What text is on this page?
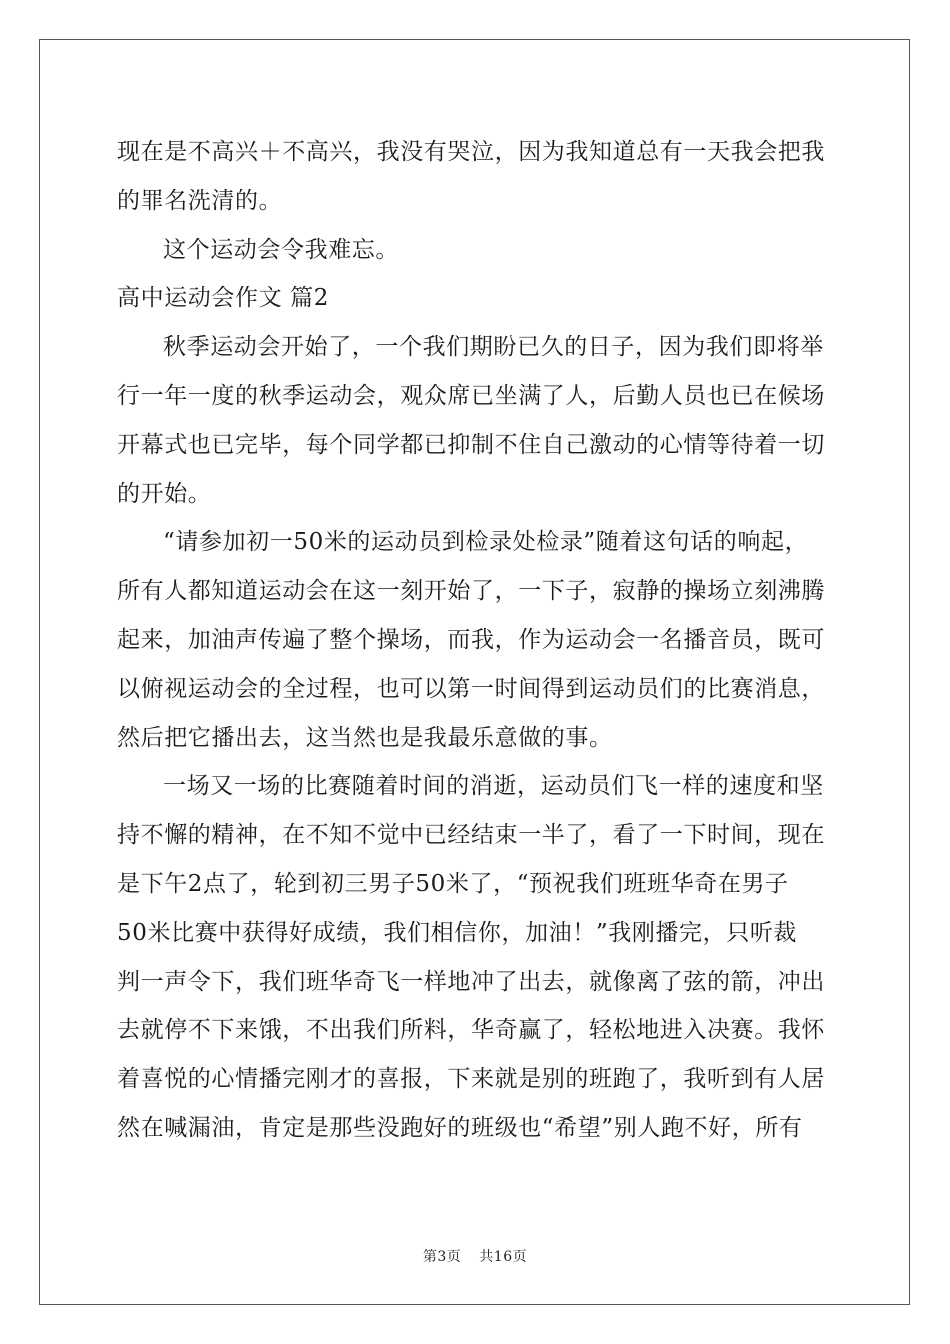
现在是不高兴＋不高兴，我没有哭泣，因为我知道总有一天我会把我
的罪名洗清的。
这个运动会令我难忘。
高中运动会作文 篇2
秋季运动会开始了，一个我们期盼已久的日子，因为我们即将举
行一年一度的秋季运动会，观众席已坐满了人，后勤人员也已在候场
开幕式也已完毕，每个同学都已抑制不住自己激动的心情等待着一切
的开始。
“请参加初一50米的运动员到检录处检录”随着这句话的响起，
所有人都知道运动会在这一刻开始了，一下子，寂静的操场立刻沸腾
起来，加油声传遍了整个操场，而我，作为运动会一名播音员，既可
以俯视运动会的全过程，也可以第一时间得到运动员们的比赛消息，
然后把它播出去，这当然也是我最乐意做的事。
一场又一场的比赛随着时间的消逝，运动员们飞一样的速度和坚
持不懈的精神，在不知不觉中已经结束一半了，看了一下时间，现在
是下午2点了，轮到初三男子50米了，“预祝我们班班华奇在男子
50米比赛中获得好成绩，我们相信你，加油！”我刚播完，只听裁
判一声令下，我们班华奇飞一样地冲了出去，就像离了弦的箭，冲出
去就停不下来饿，不出我们所料，华奇赢了，轻松地进入决赛。我怀
着喜悦的心情播完刚才的喜报，下来就是别的班跑了，我听到有人居
然在喊漏油，肯定是那些没跑好的班级也“希望”别人跑不好，所有
第3页 共16页
